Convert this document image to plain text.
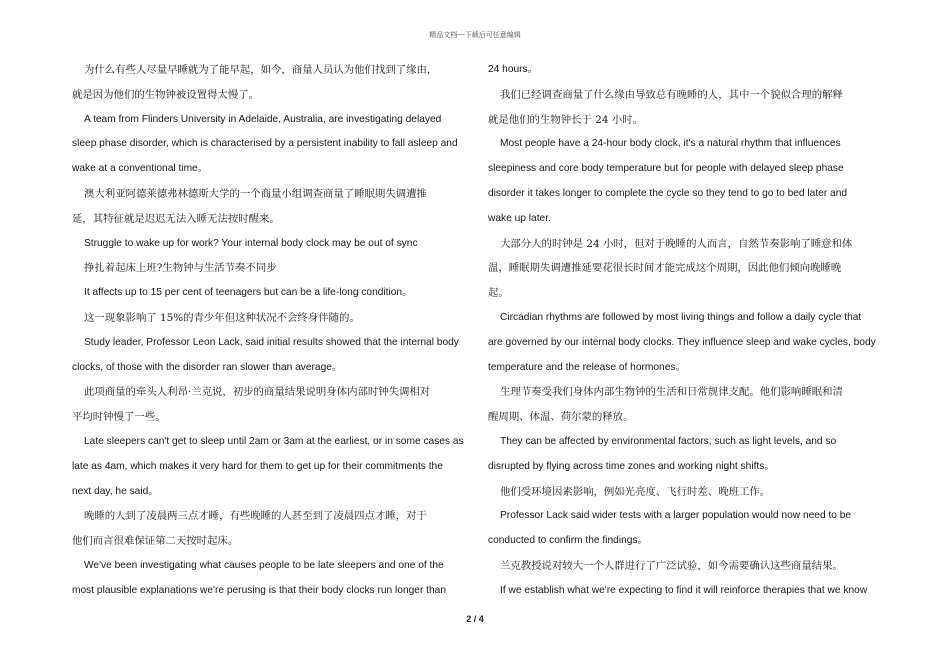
精品文档---下载后可任意编辑
为什么有些人尽量早睡就为了能早起，如今，商量人员认为他们找到了缘由，
就是因为他们的生物钟被设置得太慢了。
A team from Flinders University in Adelaide, Australia, are investigating delayed
sleep phase disorder, which is characterised by a persistent inability to fall asleep and
wake at a conventional time。
澳大利亚阿德莱德弗林德斯大学的一个商量小组调查商量了睡眠期失调遭推
延，其特征就是迟迟无法入睡无法按时醒来。
Struggle to wake up for work? Your internal body clock may be out of sync
挣扎着起床上班?生物钟与生活节奏不同步
It affects up to 15 per cent of teenagers but can be a life-long condition。
这一现象影响了 15%的青少年但这种状况不会终身伴随的。
Study leader, Professor Leon Lack, said initial results showed that the internal body
clocks, of those with the disorder ran slower than average。
此项商量的牵头人利昂·兰克说，初步的商量结果说明身体内部时钟失调相对
平均时钟慢了一些。
Late sleepers can't get to sleep until 2am or 3am at the earliest, or in some cases as
late as 4am, which makes it very hard for them to get up for their commitments the
next day, he said。
晚睡的人到了凌晨两三点才睡，有些晚睡的人甚至到了凌晨四点才睡，对于
他们而言很难保证第二天按时起床。
We've been investigating what causes people to be late sleepers and one of the
most plausible explanations we're perusing is that their body clocks run longer than
24 hours。
我们已经调查商量了什么缘由导致总有晚睡的人，其中一个貌似合理的解释
就是他们的生物钟长于 24 小时。
Most people have a 24-hour body clock, it's a natural rhythm that influences
sleepiness and core body temperature but for people with delayed sleep phase
disorder it takes longer to complete the cycle so they tend to go to bed later and
wake up later.
大部分人的时钟是 24 小时，但对于晚睡的人而言，自然节奏影响了睡意和体
温，睡眠期失调遭推延要花很长时间才能完成这个周期，因此他们倾向晚睡晚
起。
Circadian rhythms are followed by most living things and follow a daily cycle that
are governed by our internal body clocks. They influence sleep and wake cycles, body
temperature and the release of hormones。
生理节奏受我们身体内部生物钟的生活和日常规律支配。他们影响睡眠和清
醒周期、体温、荷尔蒙的释放。
They can be affected by environmental factors, such as light levels, and so
disrupted by flying across time zones and working night shifts。
他们受环境因素影响，例如光亮度、飞行时差、晚班工作。
Professor Lack said wider tests with a larger population would now need to be
conducted to confirm the findings。
兰克教授说对较大一个人群进行了广泛试验，如今需要确认这些商量结果。
If we establish what we're expecting to find it will reinforce therapies that we know
2 / 4
